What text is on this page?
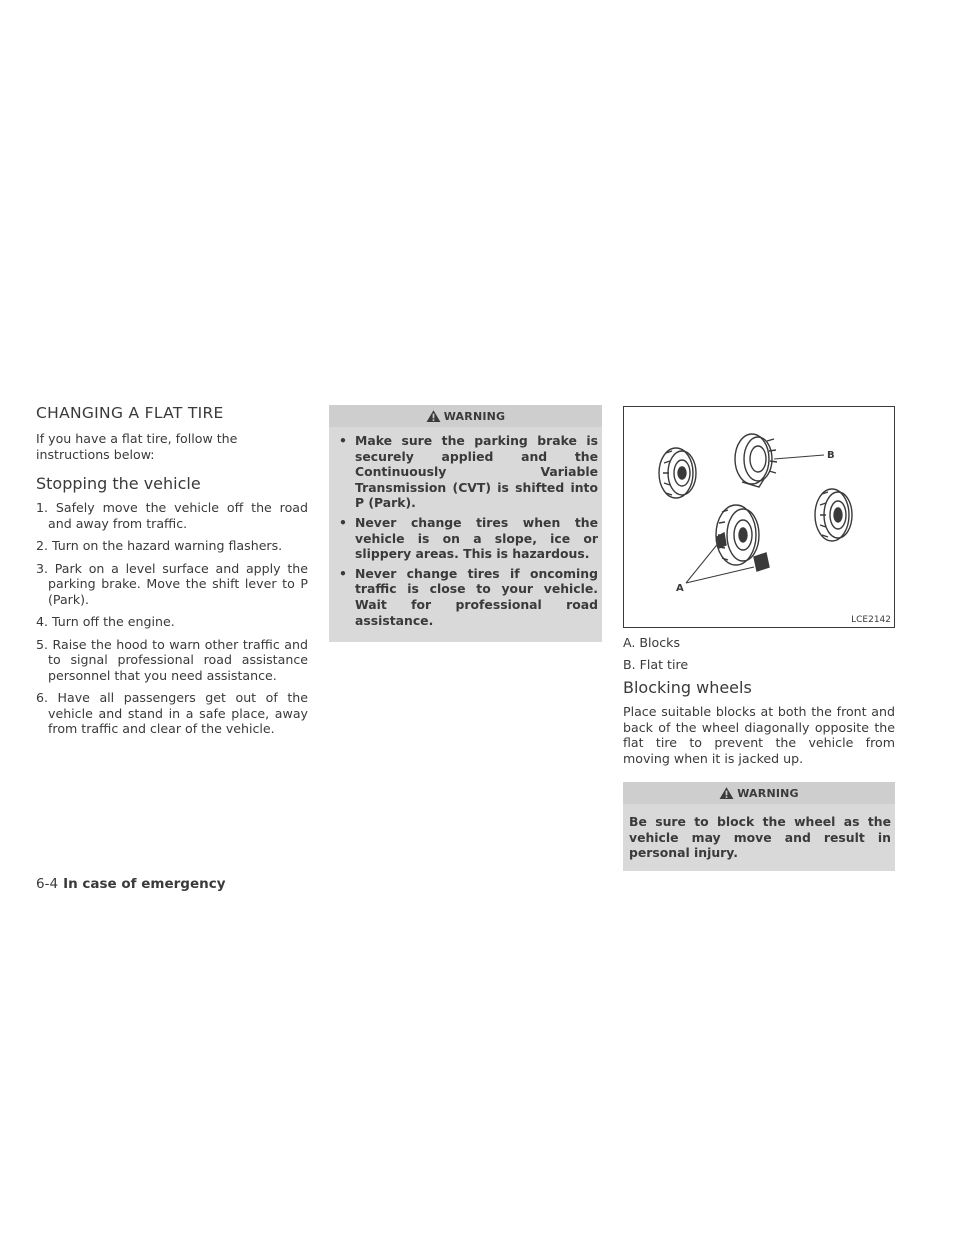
CHANGING A FLAT TIRE

If you have a flat tire, follow the instructions below:

Stopping the vehicle
1. Safely move the vehicle off the road and away from traffic.
2. Turn on the hazard warning flashers.
3. Park on a level surface and apply the parking brake. Move the shift lever to P (Park).
4. Turn off the engine.
5. Raise the hood to warn other traffic and to signal professional road assistance personnel that you need assistance.
6. Have all passengers get out of the vehicle and stand in a safe place, away from traffic and clear of the vehicle.
WARNING
• Make sure the parking brake is securely applied and the Continuously Variable Transmission (CVT) is shifted into P (Park).
• Never change tires when the vehicle is on a slope, ice or slippery areas. This is hazardous.
• Never change tires if oncoming traffic is close to your vehicle. Wait for professional road assistance.
B
A
LCE2142

A. Blocks

B. Flat tire

Blocking wheels

Place suitable blocks at both the front and back of the wheel diagonally opposite the flat tire to prevent the vehicle from moving when it is jacked up.

WARNING

Be sure to block the wheel as the vehicle may move and result in personal injury.

6-4 In case of emergency
